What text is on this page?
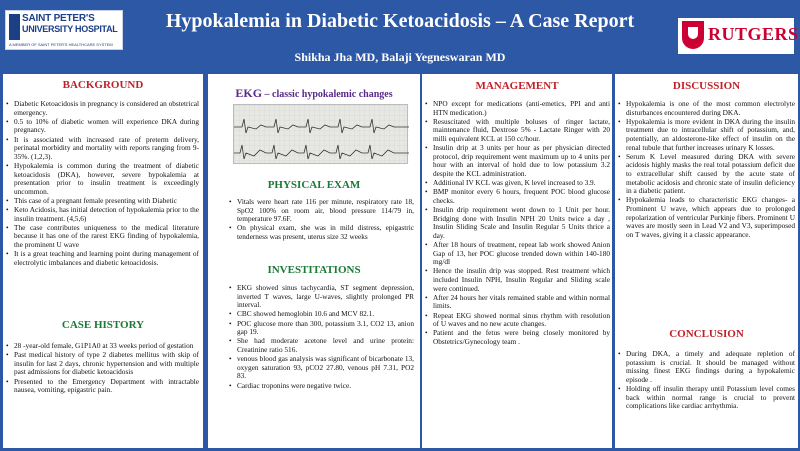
SAINT PETER'S
UNIVERSITY HOSPITAL
A MEMBER OF SAINT PETER'S HEALTHCARE SYSTEM
Hypokalemia in Diabetic Ketoacidosis – A Case Report
Shikha Jha MD, Balaji Yegneswaran MD
RUTGERS
BACKGROUND
• Diabetic Ketoacidosis in pregnancy is considered an obstetrical emergency.
• 0.5 to 10% of diabetic women will experience DKA during pregnancy.
• It is associated with increased rate of preterm delivery, perinatal morbidity and mortality with reports ranging from 9-35%. (1,2,3).
• Hypokalemia is common during the treatment of diabetic ketoacidosis (DKA), however, severe hypokalemia at presentation prior to insulin treatment is exceedingly uncommon.
• This case of a pregnant female presenting with Diabetic
• Keto Acidosis, has initial detection of hypokalemia prior to the insulin treatment. (4,5,6)
• The case contributes uniqueness to the medical literature because it has one of the rarest EKG finding of hypokalemia, the prominent U wave
• It is a great teaching and learning point during management of electrolytic imbalances and diabetic ketoacidosis.
CASE HISTORY
• 28 -year-old female, G1P1A0 at 33 weeks period of gestation
• Past medical history of type 2 diabetes mellitus with skip of insulin for last 2 days, chronic hypertension and with multiple past admissions for diabetic ketoacidosis
• Presented to the Emergency Department with intractable nausea, vomiting, epigastric pain.
EKG – classic hypokalemic changes
PHYSICAL EXAM
• Vitals were heart rate 116 per minute, respiratory rate 18, SpO2 100% on room air, blood pressure 114/79 in, temperature 97.6F.
• On physical exam, she was in mild distress, epigastric tenderness was present, uterus size 32 weeks
INVESTITATIONS
• EKG showed sinus tachycardia, ST segment depression, inverted T waves, large U-waves, slightly prolonged PR interval.
• CBC showed hemoglobin 10.6 and MCV 82.1.
• POC glucose more than 300, potassium 3.1, CO2 13, anion gap 19.
• She had moderate acetone level and urine protein: Creatinine ratio 516.
• venous blood gas analysis was significant of bicarbonate 13, oxygen saturation 93, pCO2 27.80, venous pH 7.31, PO2 83.
• Cardiac troponins were negative twice.
MANAGEMENT
• NPO except for medications (anti-emetics, PPI and anti HTN medication.)
• Resuscitated with multiple boluses of ringer lactate, maintenance fluid, Dextrose 5% - Lactate Ringer with 20 milli equivalent KCL at 150 cc/hour.
• Insulin drip at 3 units per hour as per physician directed protocol, drip requirement went maximum up to 4 units per hour with an interval of hold due to low potassium 3.2 despite the KCL administration.
• Additional IV KCL was given, K level increased to 3.9.
• BMP monitor every 6 hours, frequent POC blood glucose checks.
• Insulin drip requirement went down to 1 Unit per hour. Bridging done with Insulin NPH 20 Units twice a day , Insulin Sliding Scale and Insulin Regular 5 Units thrice a day.
• After 18 hours of treatment, repeat lab work showed Anion Gap of 13, her POC glucose trended down within 140-180 mg/dl
• Hence the insulin drip was stopped. Rest treatment which included Insulin NPH, Insulin Regular and Sliding scale were continued.
• After 24 hours her vitals remained stable and within normal limits.
• Repeat EKG showed normal sinus rhythm with resolution of U waves and no new acute changes.
• Patient and the fetus were being closely monitored by Obstetrics/Gynecology team .
DISCUSSION
• Hypokalemia is one of the most common electrolyte disturbances encountered during DKA.
• Hypokalemia is more evident in DKA during the insulin treatment due to intracellular shift of potassium, and, potentially, an aldosterone-like effect of insulin on the renal tubule that further increases urinary K losses.
• Serum K Level measured during DKA with severe acidosis highly masks the real total potassium deficit due to extracellular shift caused by the acute state of metabolic acidosis and chronic state of insulin deficiency in a diabetic patient.
• Hypokalemia leads to characteristic EKG changes- a Prominent U wave, which appears due to prolonged repolarization of ventricular Purkinje fibers. Prominent U waves are mostly seen in Lead V2 and V3, superimposed on T waves, giving it a classic appearance.
CONCLUSION
• During DKA, a timely and adequate repletion of potassium is crucial. It should be managed without missing finest EKG findings during a hypokalemic episode .
• Holding off insulin therapy until Potassium level comes back within normal range is crucial to prevent complications like cardiac arrhythmia.
